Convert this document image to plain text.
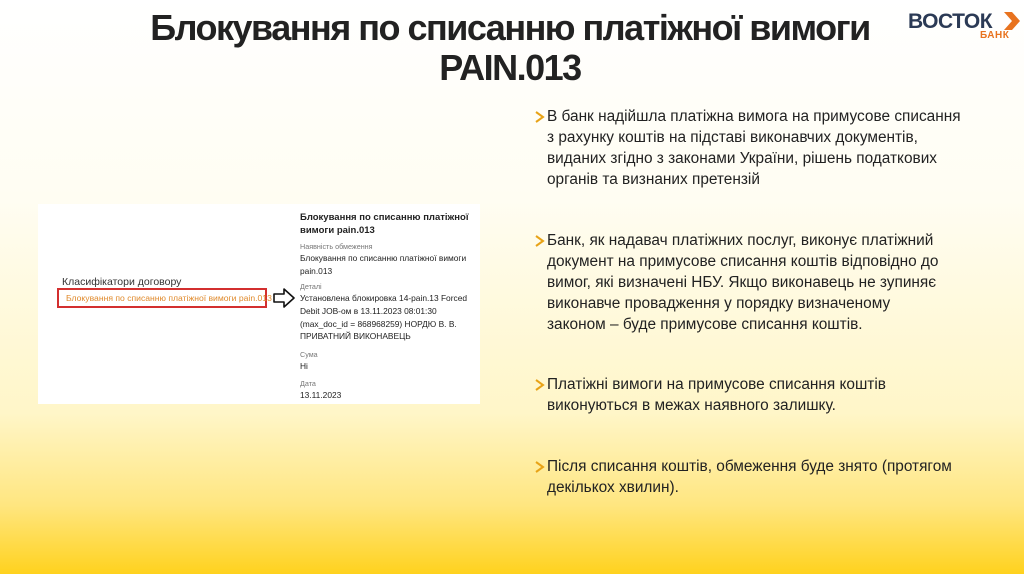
Блокування по списанню платіжної вимоги
PAIN.013
ВОСТОК
БАНК
Класифікатори договору
Блокування по списанню платіжної вимоги pain.013
Блокування по списанню платіжної вимоги pain.013
Наявність обмеження
Блокування по списанню платіжної вимоги pain.013
Деталі
Установлена блокировка 14-pain.13 Forced Debit JOB-ом в 13.11.2023 08:01:30 (max_doc_id = 868968259) НОРДЮ В. В. ПРИВАТНИЙ ВИКОНАВЕЦЬ
Сума
Ні
Дата
13.11.2023
В банк надійшла платіжна вимога на примусове списання
з рахунку коштів на підставі виконавчих документів,
виданих згідно з законами України, рішень податкових
органів та визнаних претензій
Банк, як надавач платіжних послуг, виконує платіжний
документ на примусове списання коштів відповідно до
вимог, які визначені НБУ. Якщо виконавець не зупиняє
виконавче провадження у порядку визначеному
законом – буде примусове списання коштів.
Платіжні вимоги на примусове списання коштів
виконуються в межах наявного залишку.
Після списання коштів, обмеження буде знято (протягом
декількох хвилин).
